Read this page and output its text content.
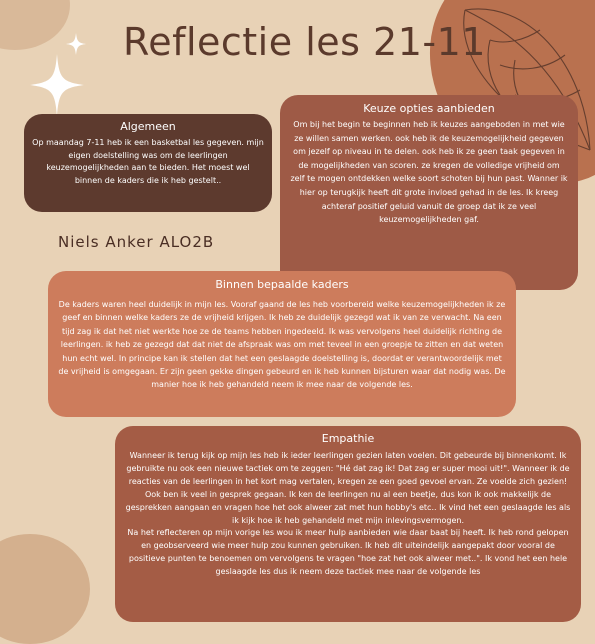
Reflectie les 21-11
Algemeen

Op maandag 7-11 heb ik een basketbal les gegeven. mijn eigen doelstelling was om de leerlingen keuzemogelijkheden aan te bieden. Het moest wel binnen de kaders die ik heb gestelt..

Keuze opties aanbieden

Om bij het begin te beginnen heb ik keuzes aangeboden in met wie ze willen samen werken. ook heb ik de keuzemogelijkheid gegeven om jezelf op niveau in te delen. ook heb ik ze geen taak gegeven in de mogelijkheden van scoren. ze kregen de volledige vrijheid om zelf te mogen ontdekken welke soort schoten bij hun past. Wanner ik hier op terugkijk heeft dit grote invloed gehad in de les. Ik kreeg achteraf positief geluid vanuit de groep dat ik ze veel keuzemogelijkheden gaf.

Niels Anker ALO2B

Binnen bepaalde kaders

De kaders waren heel duidelijk in mijn les. Vooraf gaand de les heb voorbereid welke keuzemogelijkheden ik ze geef en binnen welke kaders ze de vrijheid krijgen. Ik heb ze duidelijk gezegd wat ik van ze verwacht. Na een tijd zag ik dat het niet werkte hoe ze de teams hebben ingedeeld. Ik was vervolgens heel duidelijk richting de leerlingen. ik heb ze gezegd dat dat niet de afspraak was om met teveel in een groepje te zitten en dat weten hun echt wel. In principe kan ik stellen dat het een geslaagde doelstelling is, doordat er verantwoordelijk met de vrijheid is omgegaan. Er zijn geen gekke dingen gebeurd en ik heb kunnen bijsturen waar dat nodig was. De manier hoe ik heb gehandeld neem ik mee naar de volgende les.

Empathie

Wanneer ik terug kijk op mijn les heb ik ieder leerlingen gezien laten voelen. Dit gebeurde bij binnenkomt. Ik gebruikte nu ook een nieuwe tactiek om te zeggen: "Hé dat zag ik! Dat zag er super mooi uit!". Wanneer ik de reacties van de leerlingen in het kort mag vertalen, kregen ze een goed gevoel ervan. Ze voelde zich gezien! Ook ben ik veel in gesprek gegaan. Ik ken de leerlingen nu al een beetje, dus kon ik ook makkelijk de gesprekken aangaan en vragen hoe het ook alweer zat met hun hobby's etc.. Ik vind het een geslaagde les als ik kijk hoe ik heb gehandeld met mijn inlevingsvermogen.

Na het reflecteren op mijn vorige les wou ik meer hulp aanbieden wie daar baat bij heeft. Ik heb rond gelopen en geobserveerd wie meer hulp zou kunnen gebruiken. Ik heb dit uiteindelijk aangepakt door vooral de positieve punten te benoemen om vervolgens te vragen "hoe zat het ook alweer met..". Ik vond het een hele geslaagde les dus ik neem deze tactiek mee naar de volgende les
